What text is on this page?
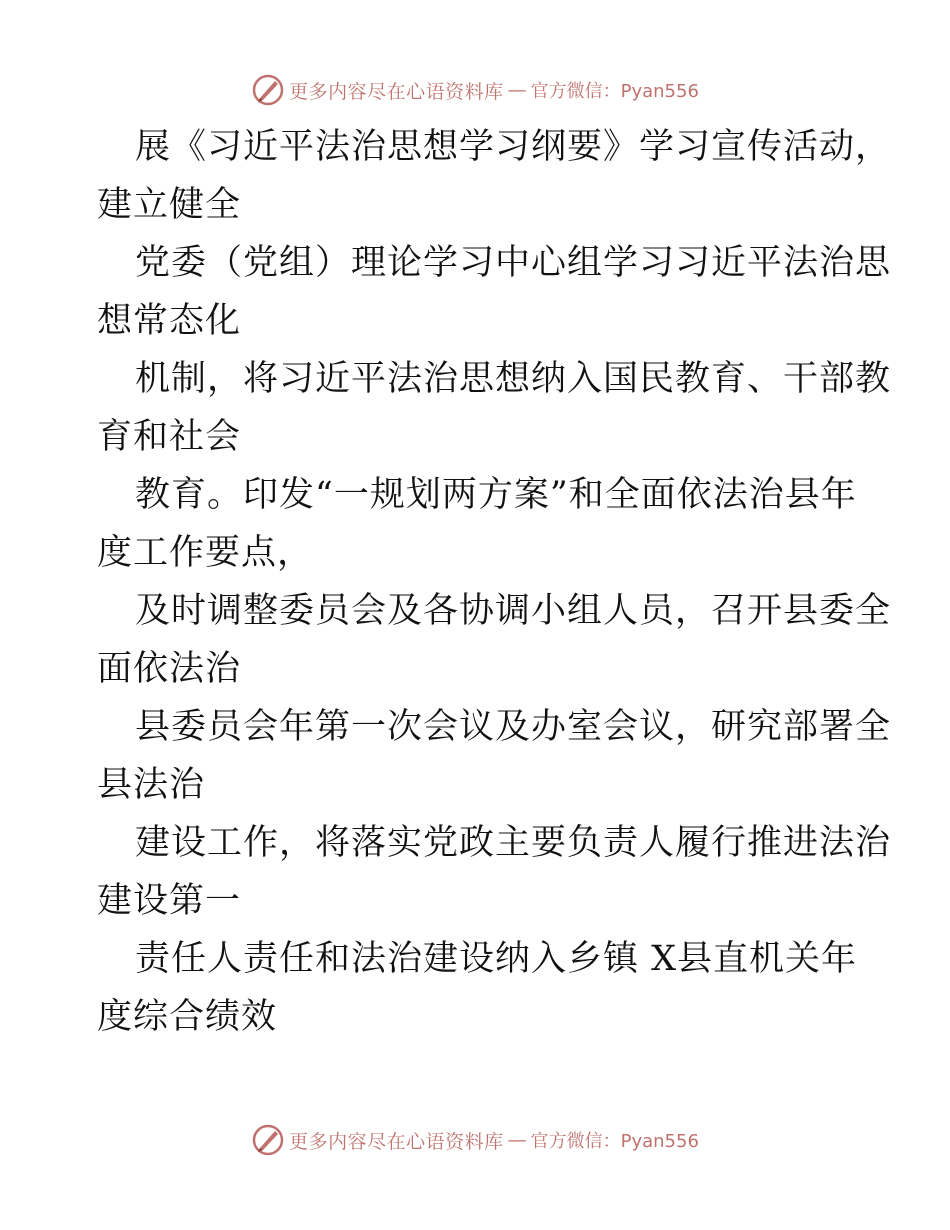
更多内容尽在心语资料库 — 官方微信：Pyan556
展《习近平法治思想学习纲要》学习宣传活动，
建立健全
党委（党组）理论学习中心组学习习近平法治思
想常态化
机制，将习近平法治思想纳入国民教育、干部教
育和社会
教育。印发“一规划两方案”和全面依法治县年
度工作要点，
及时调整委员会及各协调小组人员，召开县委全
面依法治
县委员会年第一次会议及办室会议，研究部署全
县法治
建设工作，将落实党政主要负责人履行推进法治
建设第一
责任人责任和法治建设纳入乡镇 X县直机关年
度综合绩效
更多内容尽在心语资料库 — 官方微信：Pyan556
